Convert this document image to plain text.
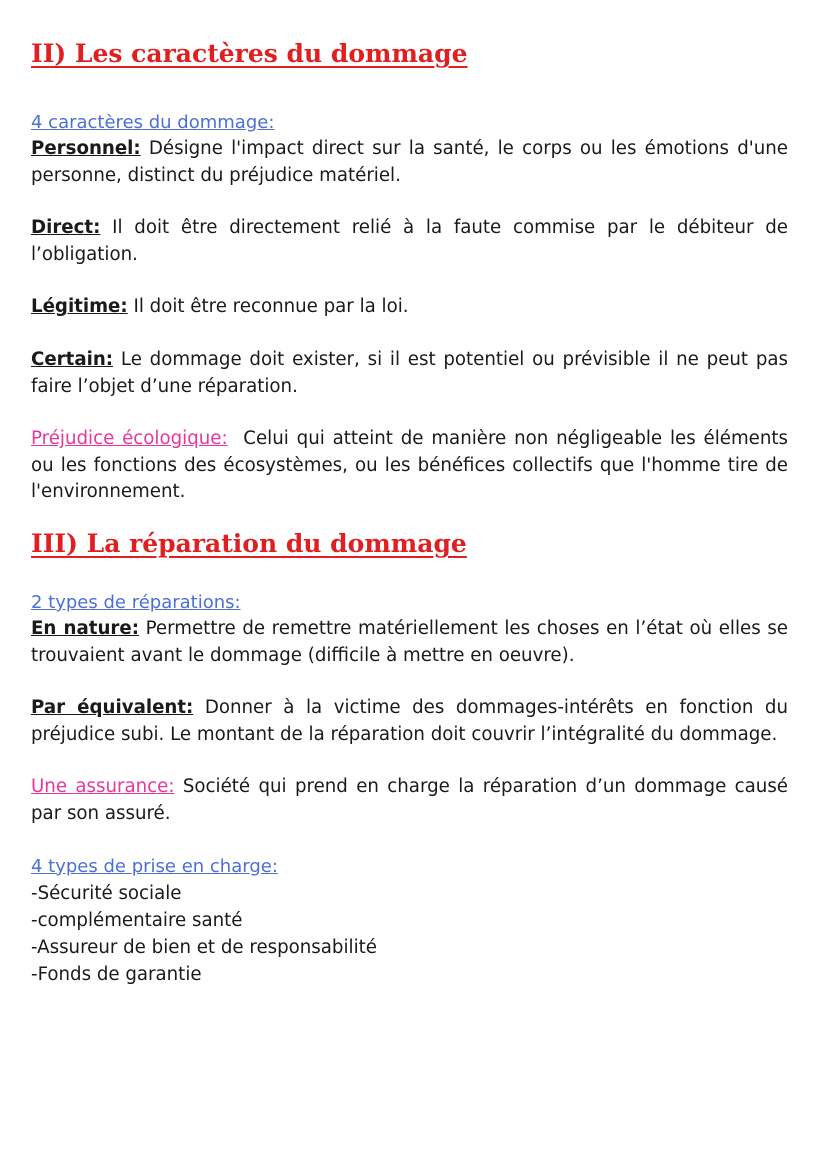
II) Les caractères du dommage

4 caractères du dommage:

Personnel: Désigne l'impact direct sur la santé, le corps ou les émotions d'une personne, distinct du préjudice matériel.

Direct: Il doit être directement relié à la faute commise par le débiteur de l’obligation.

Légitime: Il doit être reconnue par la loi.

Certain: Le dommage doit exister, si il est potentiel ou prévisible il ne peut pas faire l’objet d’une réparation.

Préjudice écologique: Celui qui atteint de manière non négligeable les éléments ou les fonctions des écosystèmes, ou les bénéfices collectifs que l'homme tire de l'environnement.

III) La réparation du dommage

2 types de réparations:

En nature: Permettre de remettre matériellement les choses en l’état où elles se trouvaient avant le dommage (difficile à mettre en oeuvre).

Par équivalent: Donner à la victime des dommages-intérêts en fonction du préjudice subi. Le montant de la réparation doit couvrir l’intégralité du dommage.

Une assurance: Société qui prend en charge la réparation d’un dommage causé par son assuré.

4 types de prise en charge:

-Sécurité sociale
-complémentaire santé
-Assureur de bien et de responsabilité
-Fonds de garantie
